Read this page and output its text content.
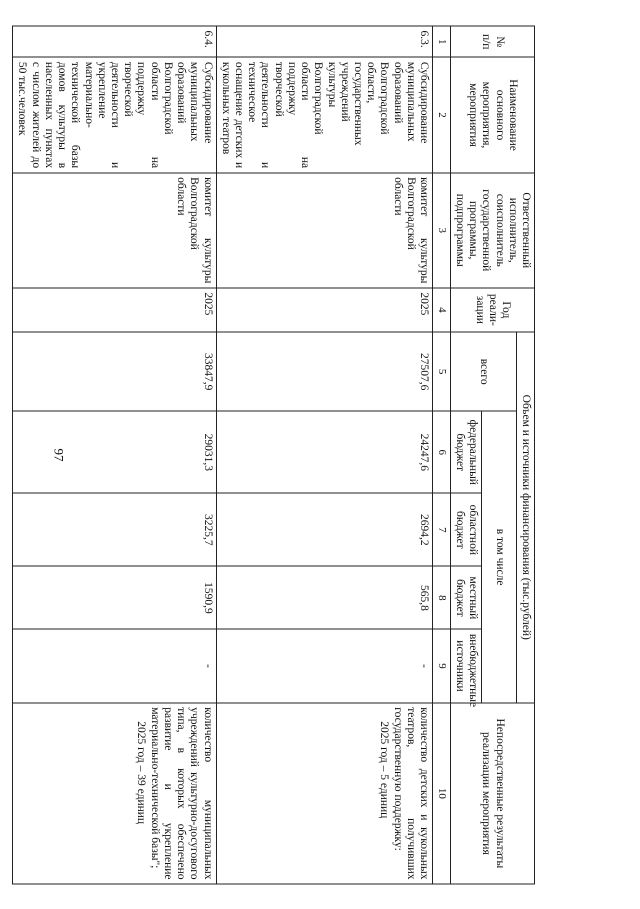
97
№ п/п	Наименование основного мероприятия, мероприятия	Ответственный исполнитель, соисполнитель государственной программы, подпрограммы	Год реали-зации	Объем и источники финансирования (тыс.рублей)					Непосредственные результаты реализации мероприятия
				всего	в том числе				
					федеральный бюджет	областной бюджет	местный бюджет	внебюджетные источники	
1	2	3	4	5	6	7	8	9	10
6.3.	Субсидирование муниципальных образований Волгоградской области, государственных учреждений культуры Волгоградской области на поддержку творческой деятельности и техническое оснащение детских и кукольных театров	комитет культуры Волгоградской области	2025	27507,6	24247,6	2694,2	565,8	-	количество детских и кукольных театров, получивших государственную поддержку:
2025 год – 5 единиц

6.4.	Субсидирование муниципальных образований Волгоградской области на поддержку творческой деятельности и укрепление материально-технической базы домов культуры в населенных пунктах с числом жителей до 50 тыс.человек	комитет культуры Волгоградской области	2025	33847,9	29031,3	3225,7	1590,9	-	количество муниципальных учреждений культурно-досугового типа, в которых обеспечено развитие и укрепление материально-технической базы";
2025 год – 39 единиц
